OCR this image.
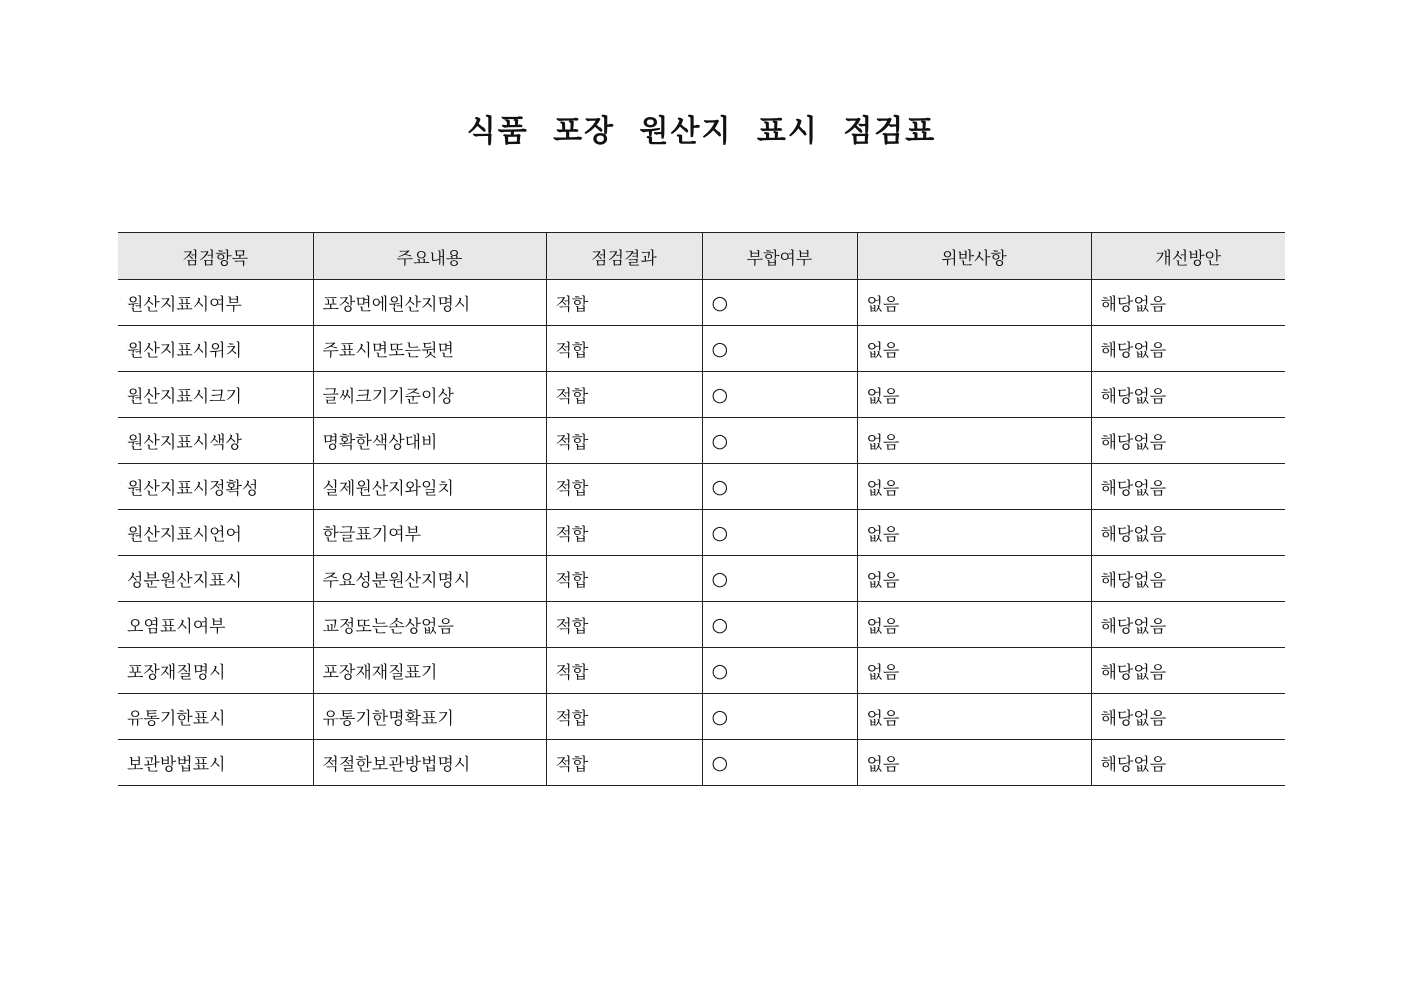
식품 포장 원산지 표시 점검표
점검항목	주요내용	점검결과	부합여부	위반사항	개선방안
원산지표시여부	포장면에원산지명시	적합	○	없음	해당없음
원산지표시위치	주표시면또는뒷면	적합	○	없음	해당없음
원산지표시크기	글씨크기기준이상	적합	○	없음	해당없음
원산지표시색상	명확한색상대비	적합	○	없음	해당없음
원산지표시정확성	실제원산지와일치	적합	○	없음	해당없음
원산지표시언어	한글표기여부	적합	○	없음	해당없음
성분원산지표시	주요성분원산지명시	적합	○	없음	해당없음
오염표시여부	교정또는손상없음	적합	○	없음	해당없음
포장재질명시	포장재재질표기	적합	○	없음	해당없음
유통기한표시	유통기한명확표기	적합	○	없음	해당없음
보관방법표시	적절한보관방법명시	적합	○	없음	해당없음
